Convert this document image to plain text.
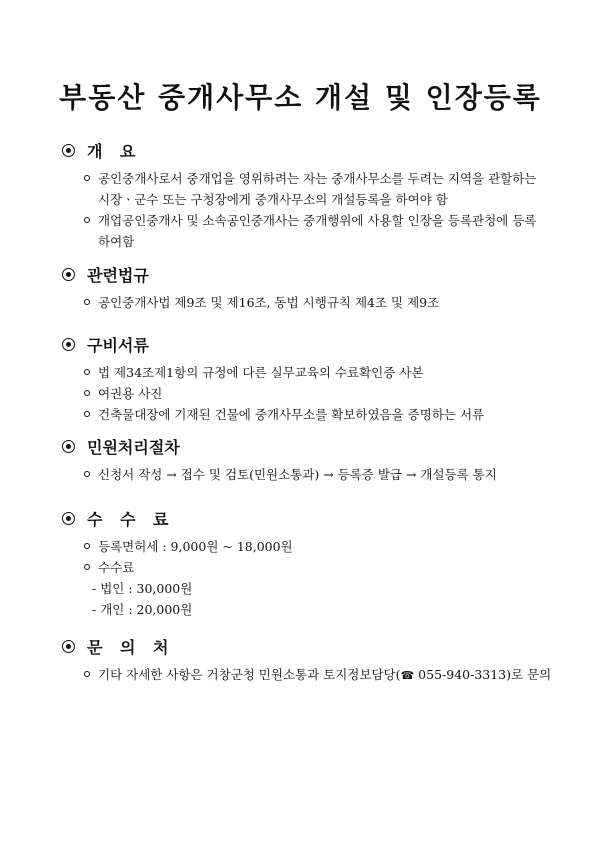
부동산 중개사무소 개설 및 인장등록
개 요
공인중개사로서 중개업을 영위하려는 자는 중개사무소를 두려는 지역을 관할하는 시장ㆍ군수 또는 구청장에게 중개사무소의 개설등록을 하여야 함
개업공인중개사 및 소속공인중개사는 중개행위에 사용할 인장을 등록관청에 등록하여함
관련법규
공인중개사법 제9조 및 제16조, 동법 시행규칙 제4조 및 제9조
구비서류
법 제34조제1항의 규정에 다른 실무교육의 수료확인증 사본
여권용 사진
건축물대장에 기재된 건물에 중개사무소를 확보하였음을 증명하는 서류
민원처리절차
신청서 작성 → 접수 및 검토(민원소통과) → 등록증 발급 → 개설등록 통지
수 수 료
등록면허세 : 9,000원 ~ 18,000원
수수료
- 법인 : 30,000원
- 개인 : 20,000원
문 의 처
기타 자세한 사항은 거창군청 민원소통과 토지정보담당(☎ 055-940-3313)로 문의
